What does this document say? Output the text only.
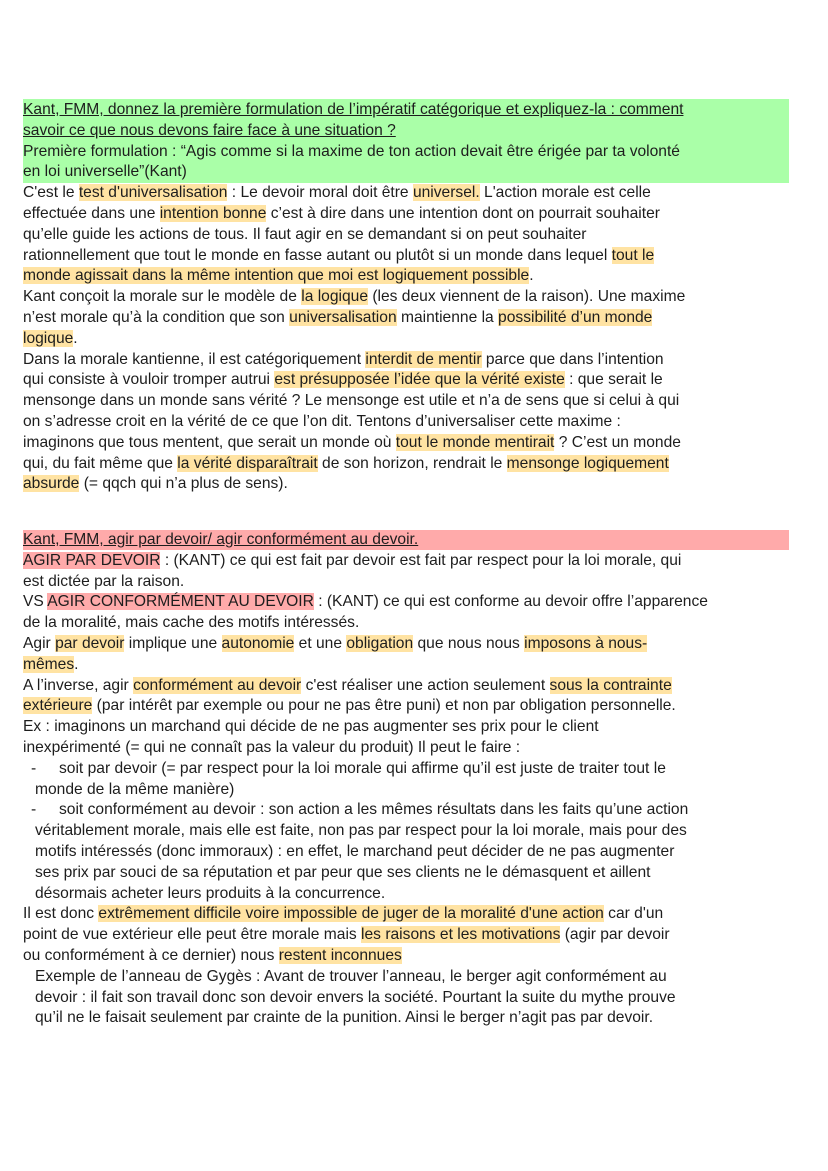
Kant, FMM, donnez la première formulation de l’impératif catégorique et expliquez-la : comment
savoir ce que nous devons faire face à une situation ?
Première formulation : “Agis comme si la maxime de ton action devait être érigée par ta volonté
en loi universelle”(Kant)
C'est le test d'universalisation : Le devoir moral doit être universel. L'action morale est celle
effectuée dans une intention bonne c’est à dire dans une intention dont on pourrait souhaiter
qu’elle guide les actions de tous. Il faut agir en se demandant si on peut souhaiter
rationnellement que tout le monde en fasse autant ou plutôt si un monde dans lequel tout le
monde agissait dans la même intention que moi est logiquement possible.
Kant conçoit la morale sur le modèle de la logique (les deux viennent de la raison). Une maxime
n’est morale qu’à la condition que son universalisation maintienne la possibilité d’un monde
logique.
Dans la morale kantienne, il est catégoriquement interdit de mentir parce que dans l’intention
qui consiste à vouloir tromper autrui est présupposée l’idée que la vérité existe : que serait le
mensonge dans un monde sans vérité ? Le mensonge est utile et n’a de sens que si celui à qui
on s’adresse croit en la vérité de ce que l’on dit. Tentons d’universaliser cette maxime :
imaginons que tous mentent, que serait un monde où tout le monde mentirait ? C’est un monde
qui, du fait même que la vérité disparaîtrait de son horizon, rendrait le mensonge logiquement
absurde (= qqch qui n’a plus de sens).
Kant, FMM, agir par devoir/ agir conformément au devoir.
AGIR PAR DEVOIR : (KANT) ce qui est fait par devoir est fait par respect pour la loi morale, qui
est dictée par la raison.
VS AGIR CONFORMÉMENT AU DEVOIR : (KANT) ce qui est conforme au devoir offre l’apparence
de la moralité, mais cache des motifs intéressés.
Agir par devoir implique une autonomie et une obligation que nous nous imposons à nous-
mêmes.
A l’inverse, agir conformément au devoir c'est réaliser une action seulement sous la contrainte
extérieure (par intérêt par exemple ou pour ne pas être puni) et non par obligation personnelle.
Ex : imaginons un marchand qui décide de ne pas augmenter ses prix pour le client
inexpérimenté (= qui ne connaît pas la valeur du produit) Il peut le faire :
- soit par devoir (= par respect pour la loi morale qui affirme qu’il est juste de traiter tout le
monde de la même manière)
- soit conformément au devoir : son action a les mêmes résultats dans les faits qu’une action
véritablement morale, mais elle est faite, non pas par respect pour la loi morale, mais pour des
motifs intéressés (donc immoraux) : en effet, le marchand peut décider de ne pas augmenter
ses prix par souci de sa réputation et par peur que ses clients ne le démasquent et aillent
désormais acheter leurs produits à la concurrence.
Il est donc extrêmement difficile voire impossible de juger de la moralité d'une action car d'un
point de vue extérieur elle peut être morale mais les raisons et les motivations (agir par devoir
ou conformément à ce dernier) nous restent inconnues
Exemple de l’anneau de Gygès : Avant de trouver l’anneau, le berger agit conformément au
devoir : il fait son travail donc son devoir envers la société. Pourtant la suite du mythe prouve
qu’il ne le faisait seulement par crainte de la punition. Ainsi le berger n’agit pas par devoir.
